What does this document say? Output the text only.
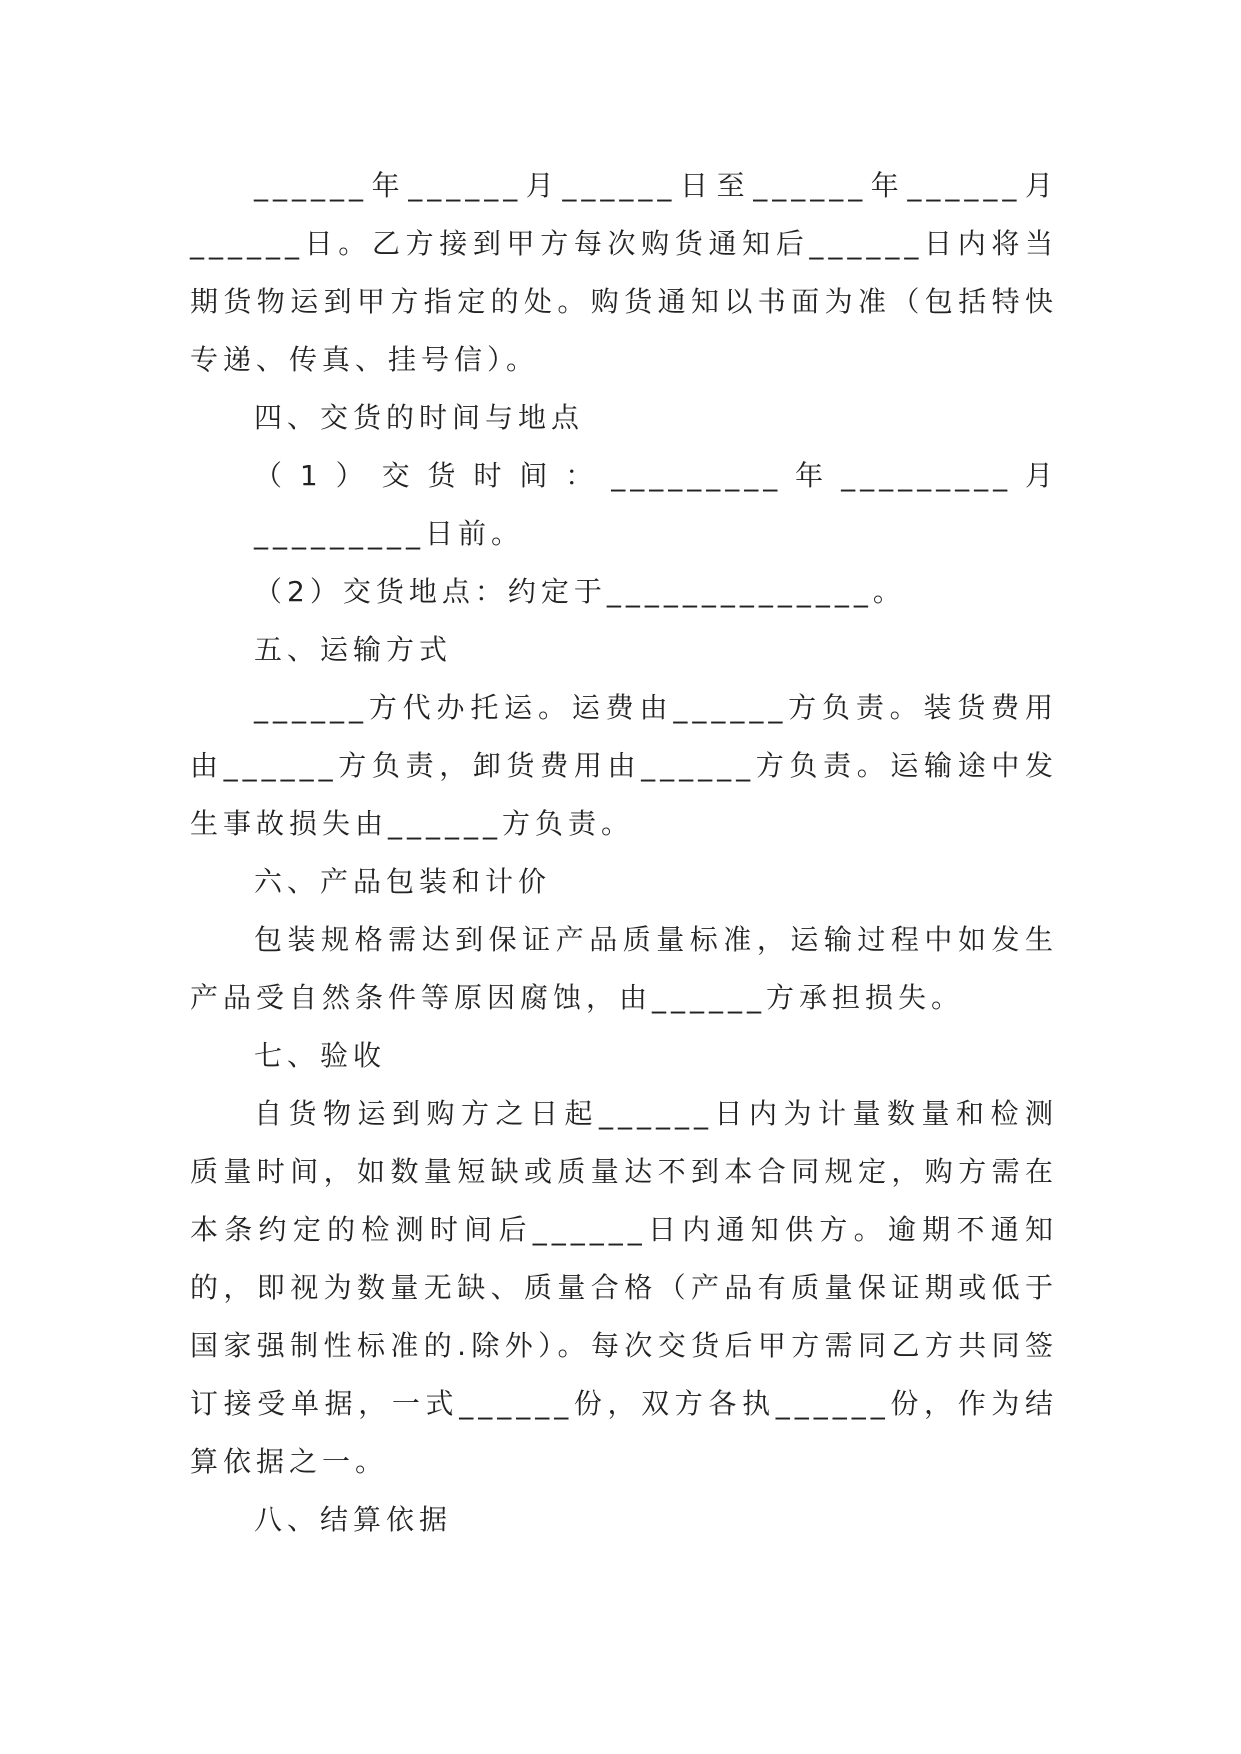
______年______月______日至______年______月______日。乙方接到甲方每次购货通知后______日内将当期货物运到甲方指定的处。购货通知以书面为准（包括特快专递、传真、挂号信）。

四、交货的时间与地点

（1）交货时间：_________年_________月_________日前。

（2）交货地点：约定于______________。

五、运输方式

______方代办托运。运费由______方负责。装货费用由______方负责，卸货费用由______方负责。运输途中发生事故损失由______方负责。

六、产品包装和计价

包装规格需达到保证产品质量标准，运输过程中如发生产品受自然条件等原因腐蚀，由______方承担损失。

七、验收

自货物运到购方之日起______日内为计量数量和检测质量时间，如数量短缺或质量达不到本合同规定，购方需在本条约定的检测时间后______日内通知供方。逾期不通知的，即视为数量无缺、质量合格（产品有质量保证期或低于国家强制性标准的.除外）。每次交货后甲方需同乙方共同签订接受单据，一式______份，双方各执______份，作为结算依据之一。

八、结算依据
